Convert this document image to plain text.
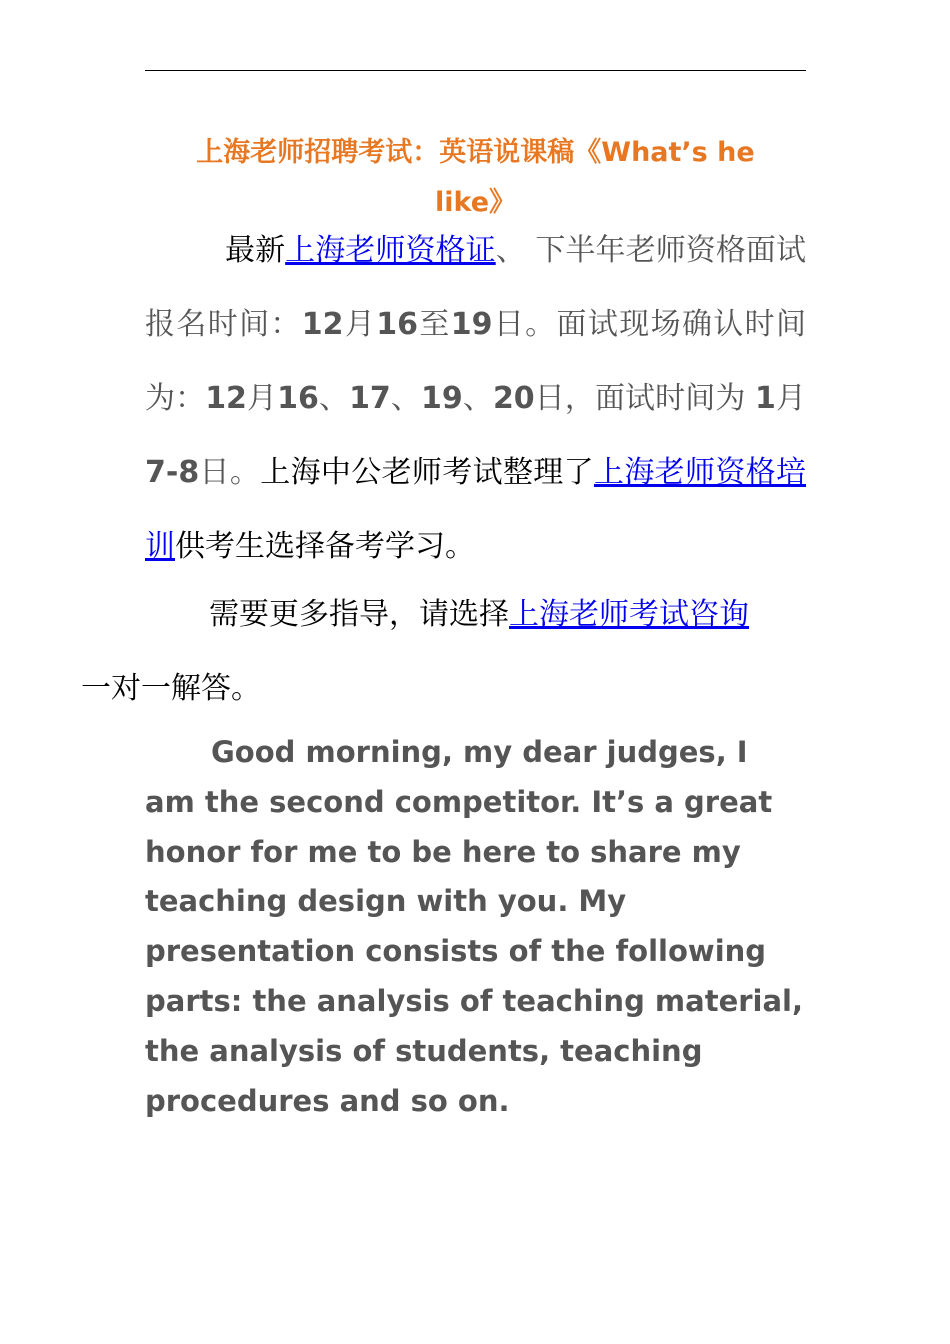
上海老师招聘考试：英语说课稿《What’s he
like》
最新上海老师资格证、 下半年老师资格面试报名时间：12月16至19日。面试现场确认时间为：12月16、17、19、20日，面试时间为 1月7-8日。上海中公老师考试整理了上海老师资格培训供考生选择备考学习。
需要更多指导，请选择上海老师考试咨询
一对一解答。
Good morning, my dear judges, I am the second competitor. It’s a great honor for me to be here to share my teaching design with you. My presentation consists of the following parts: the analysis of teaching material, the analysis of students, teaching procedures and so on.
